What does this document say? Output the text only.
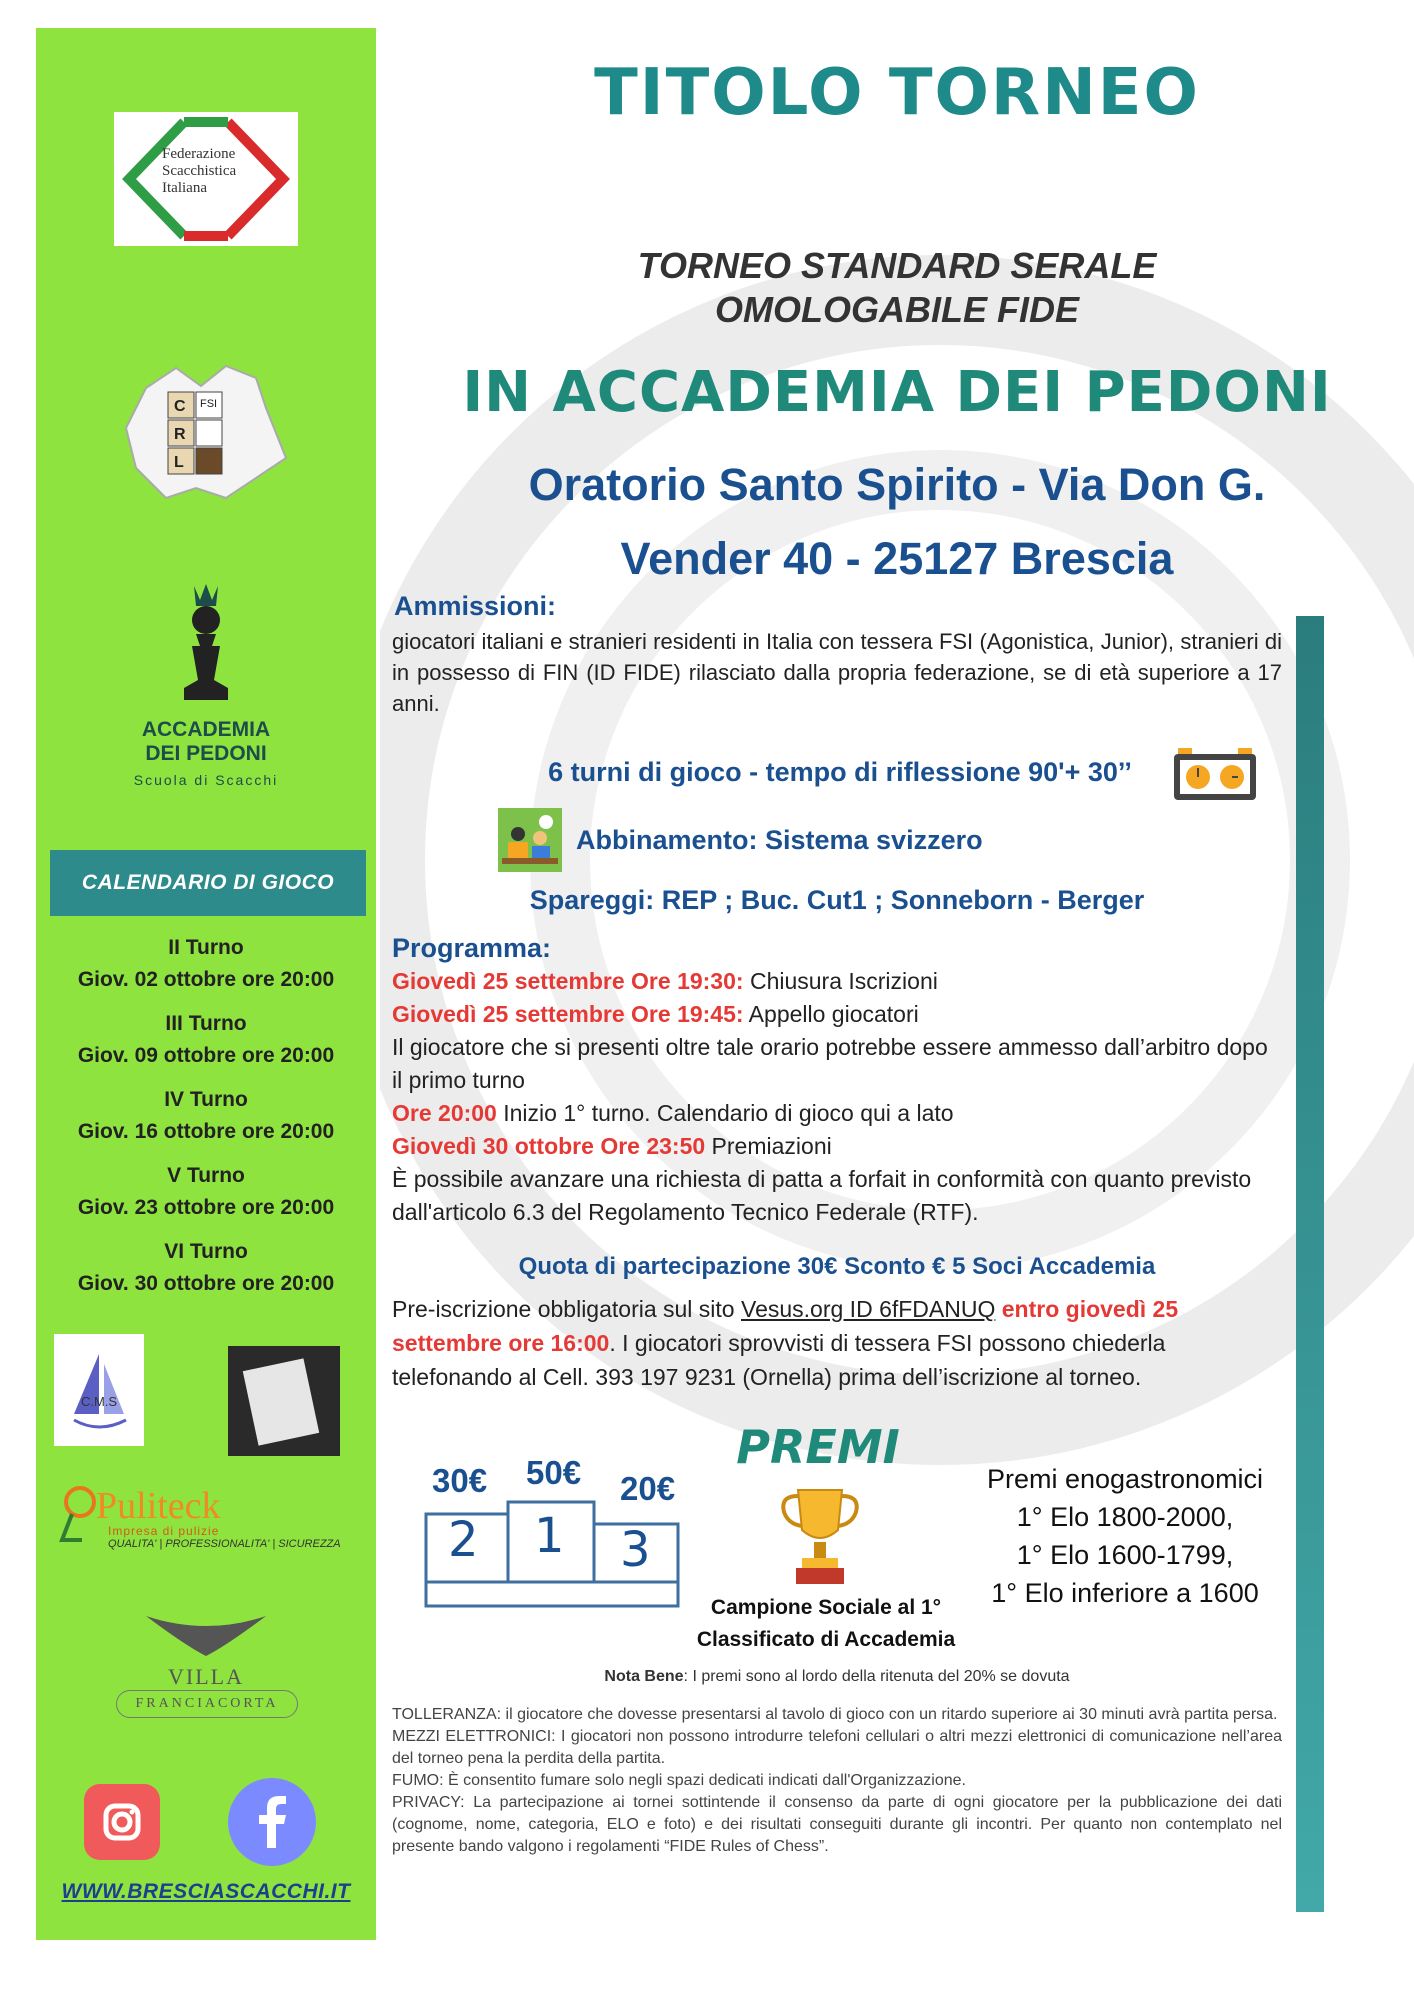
Federazione
Scacchistica
Italiana
C
R
L
FSI
ACCADEMIA
DEI PEDONI
Scuola di Scacchi
CALENDARIO DI GIOCO
II Turno
Giov. 02 ottobre ore 20:00
III Turno
Giov. 09 ottobre ore 20:00
IV Turno
Giov. 16 ottobre ore 20:00
V Turno
Giov. 23 ottobre ore 20:00
VI Turno
Giov. 30 ottobre ore 20:00
C.M.S
Puliteck
Impresa di pulizie
QUALITA' | PROFESSIONALITA' | SICUREZZA
VILLA
FRANCIACORTA
WWW.BRESCIASCACCHI.IT
TITOLO TORNEO
TORNEO STANDARD SERALE
OMOLOGABILE FIDE
IN ACCADEMIA DEI PEDONI
Oratorio Santo Spirito - Via Don G.
Vender 40 - 25127 Brescia
Ammissioni:
giocatori italiani e stranieri residenti in Italia con tessera FSI (Agonistica, Junior), stranieri di in possesso di FIN (ID FIDE) rilasciato dalla propria federazione, se di età superiore a 17 anni.
6 turni di gioco - tempo di riflessione 90'+ 30’’
Abbinamento: Sistema svizzero
Spareggi: REP ; Buc. Cut1 ; Sonneborn - Berger
Programma:
Giovedì 25 settembre Ore 19:30: Chiusura Iscrizioni
Giovedì 25 settembre Ore 19:45: Appello giocatori
Il giocatore che si presenti oltre tale orario potrebbe essere ammesso dall’arbitro dopo il primo turno
Ore 20:00 Inizio 1° turno. Calendario di gioco qui a lato
Giovedì 30 ottobre Ore 23:50 Premiazioni
È possibile avanzare una richiesta di patta a forfait in conformità con quanto previsto dall'articolo 6.3 del Regolamento Tecnico Federale (RTF).
Quota di partecipazione 30€ Sconto € 5 Soci Accademia
Pre-iscrizione obbligatoria sul sito Vesus.org ID 6fFDANUQ entro giovedì 25 settembre ore 16:00. I giocatori sprovvisti di tessera FSI possono chiederla telefonando al Cell. 393 197 9231 (Ornella) prima dell’iscrizione al torneo.
PREMI
30€ 50€ 20€
2 1 3
Premi enogastronomici
1° Elo 1800-2000,
1° Elo 1600-1799,
1° Elo inferiore a 1600
Campione Sociale al 1°
Classificato di Accademia
Nota Bene: I premi sono al lordo della ritenuta del 20% se dovuta
TOLLERANZA: il giocatore che dovesse presentarsi al tavolo di gioco con un ritardo superiore ai 30 minuti avrà partita persa.
MEZZI ELETTRONICI: I giocatori non possono introdurre telefoni cellulari o altri mezzi elettronici di comunicazione nell’area del torneo pena la perdita della partita.
FUMO: È consentito fumare solo negli spazi dedicati indicati dall'Organizzazione.
PRIVACY: La partecipazione ai tornei sottintende il consenso da parte di ogni giocatore per la pubblicazione dei dati (cognome, nome, categoria, ELO e foto) e dei risultati conseguiti durante gli incontri. Per quanto non contemplato nel presente bando valgono i regolamenti “FIDE Rules of Chess”.
